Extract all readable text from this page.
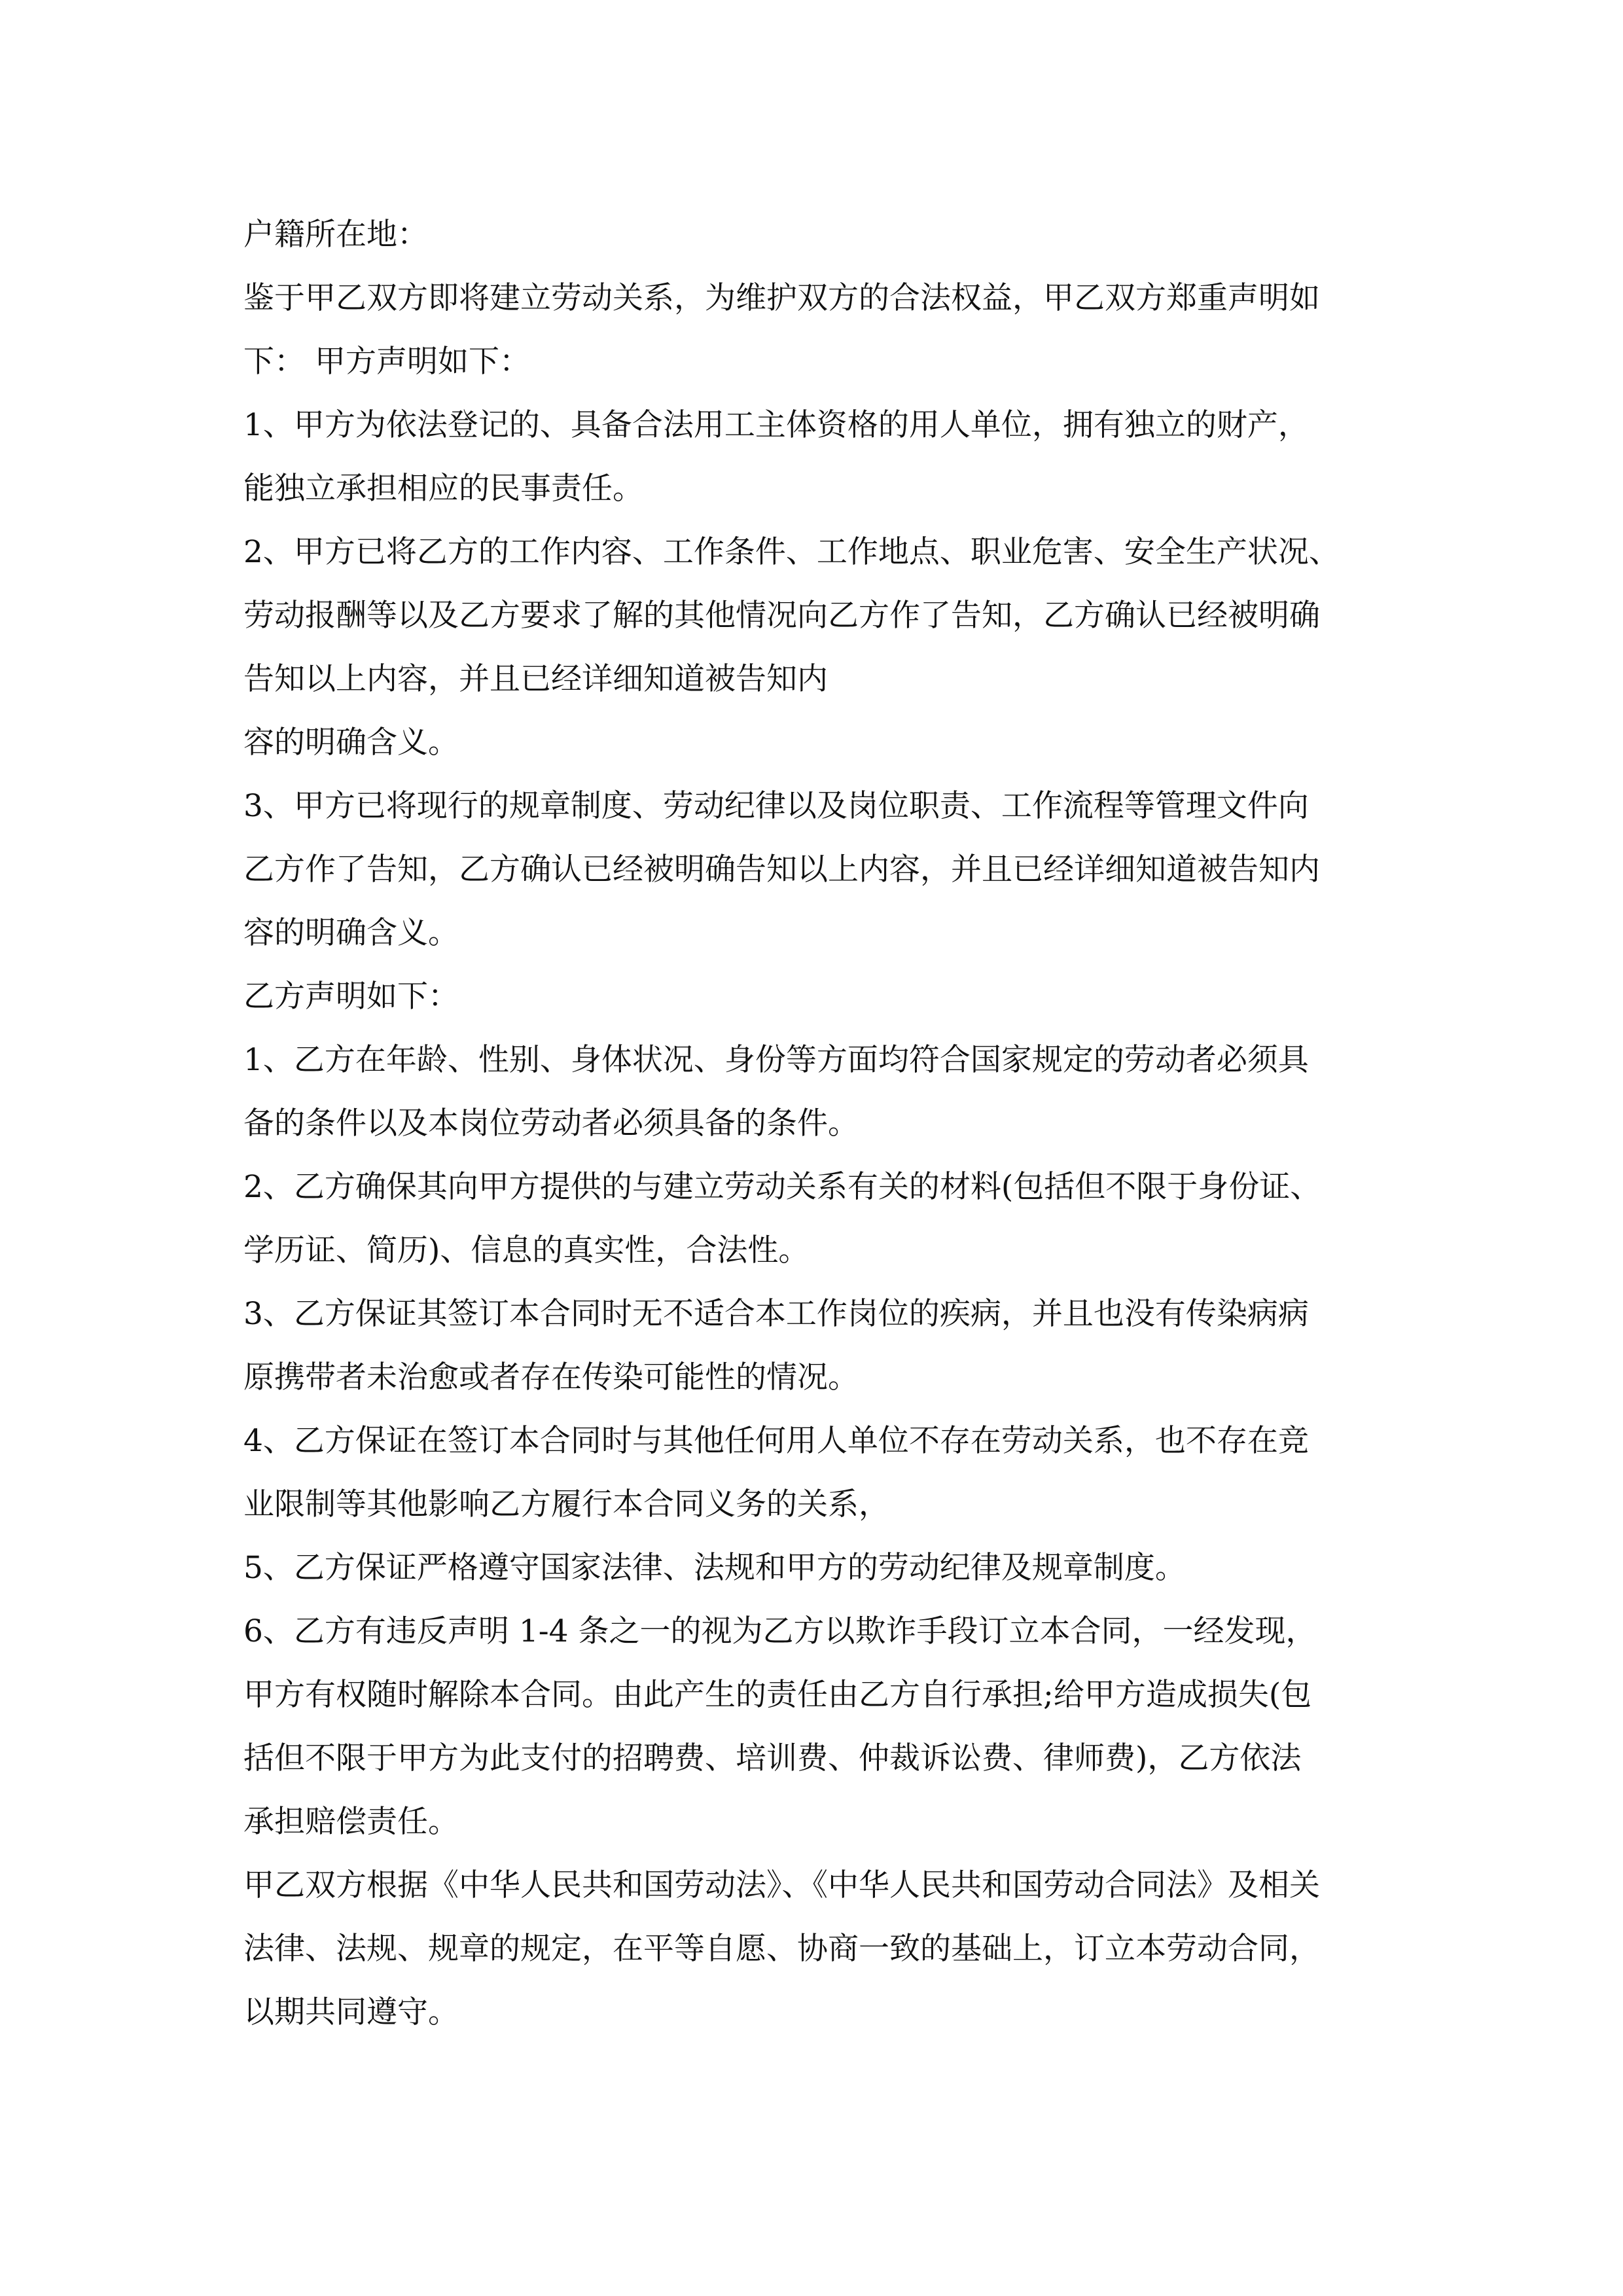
户籍所在地：
鉴于甲乙双方即将建立劳动关系，为维护双方的合法权益，甲乙双方郑重声明如
下： 甲方声明如下：
1、甲方为依法登记的、具备合法用工主体资格的用人单位，拥有独立的财产，
能独立承担相应的民事责任。
2、甲方已将乙方的工作内容、工作条件、工作地点、职业危害、安全生产状况、
劳动报酬等以及乙方要求了解的其他情况向乙方作了告知，乙方确认已经被明确
告知以上内容，并且已经详细知道被告知内
容的明确含义。
3、甲方已将现行的规章制度、劳动纪律以及岗位职责、工作流程等管理文件向
乙方作了告知，乙方确认已经被明确告知以上内容，并且已经详细知道被告知内
容的明确含义。
乙方声明如下：
1、乙方在年龄、性别、身体状况、身份等方面均符合国家规定的劳动者必须具
备的条件以及本岗位劳动者必须具备的条件。
2、乙方确保其向甲方提供的与建立劳动关系有关的材料(包括但不限于身份证、
学历证、简历)、信息的真实性，合法性。
3、乙方保证其签订本合同时无不适合本工作岗位的疾病，并且也没有传染病病
原携带者未治愈或者存在传染可能性的情况。
4、乙方保证在签订本合同时与其他任何用人单位不存在劳动关系，也不存在竞
业限制等其他影响乙方履行本合同义务的关系，
5、乙方保证严格遵守国家法律、法规和甲方的劳动纪律及规章制度。
6、乙方有违反声明 1-4 条之一的视为乙方以欺诈手段订立本合同，一经发现，
甲方有权随时解除本合同。由此产生的责任由乙方自行承担;给甲方造成损失(包
括但不限于甲方为此支付的招聘费、培训费、仲裁诉讼费、律师费)，乙方依法
承担赔偿责任。
甲乙双方根据《中华人民共和国劳动法》、《中华人民共和国劳动合同法》及相关
法律、法规、规章的规定，在平等自愿、协商一致的基础上，订立本劳动合同，
以期共同遵守。
